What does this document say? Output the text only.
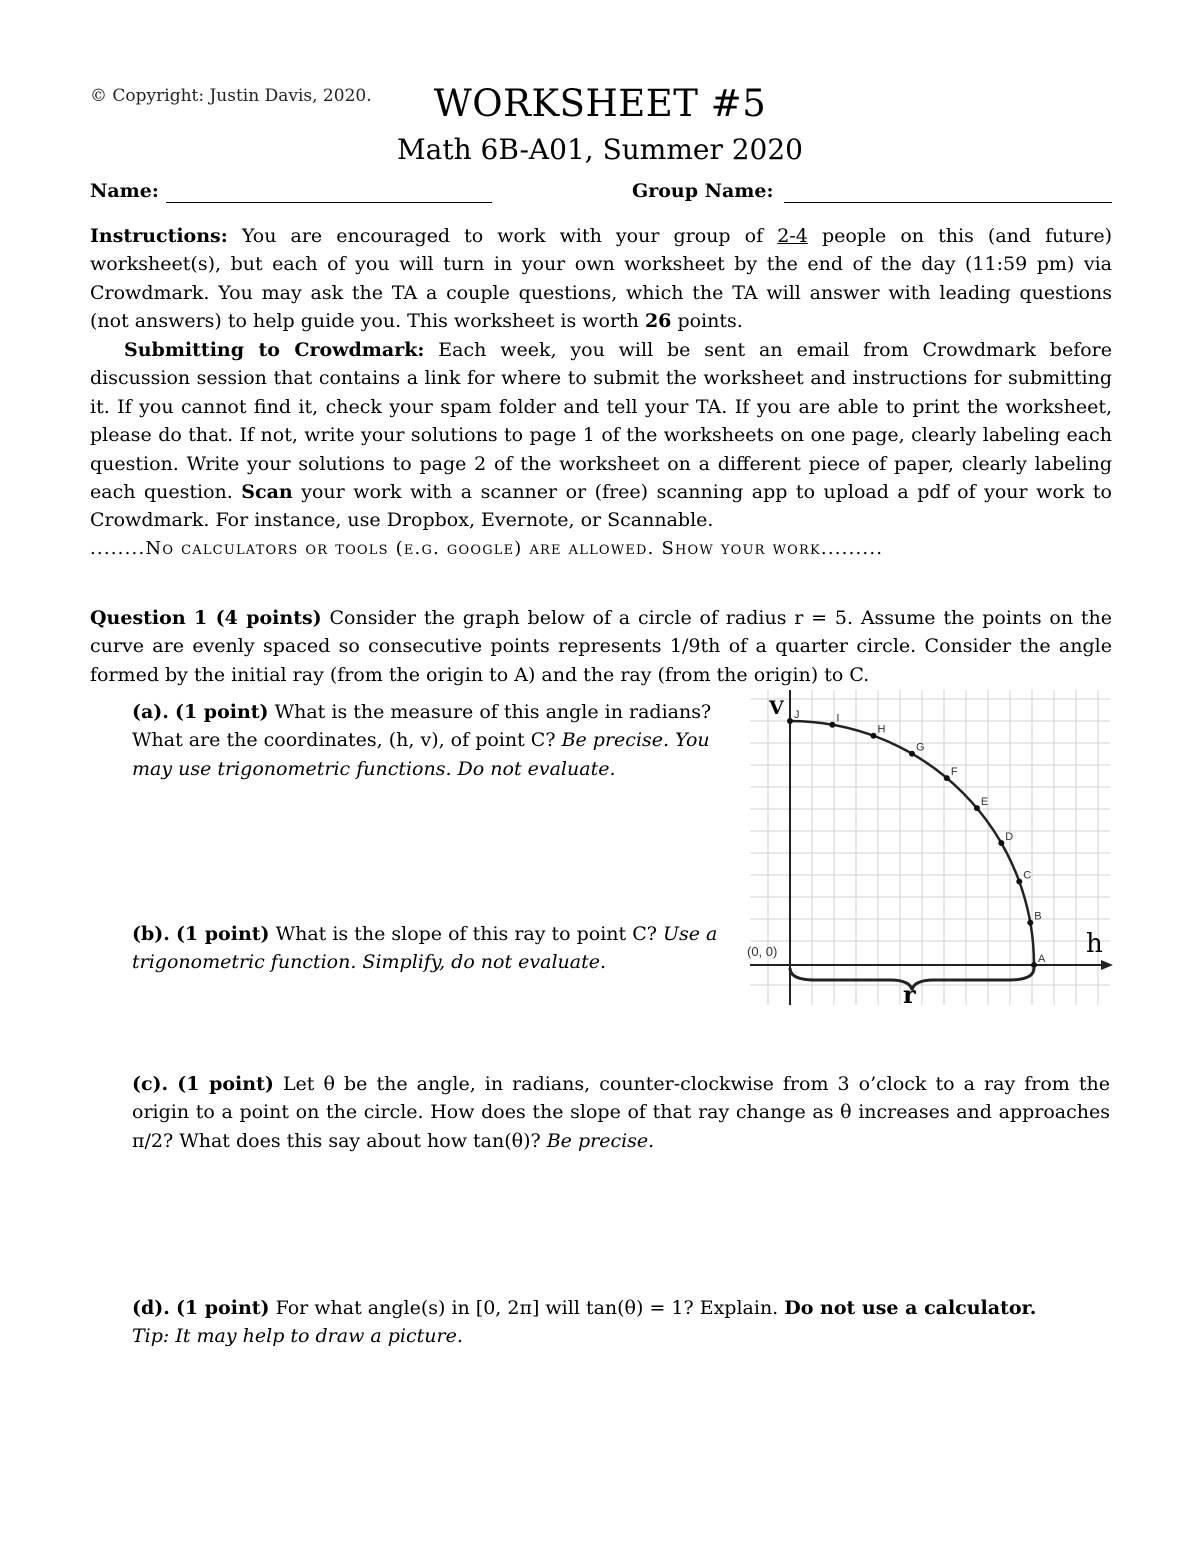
© Copyright: Justin Davis, 2020.	WORKSHEET #5
Math 6B-A01, Summer 2020
Name:	Group Name:
Instructions: You are encouraged to work with your group of 2-4 people on this (and future) worksheet(s), but each of you will turn in your own worksheet by the end of the day (11:59 pm) via Crowdmark. You may ask the TA a couple questions, which the TA will answer with leading questions (not answers) to help guide you. This worksheet is worth 26 points.
Submitting to Crowdmark: Each week, you will be sent an email from Crowdmark before discussion session that contains a link for where to submit the worksheet and instructions for submitting it. If you cannot find it, check your spam folder and tell your TA. If you are able to print the worksheet, please do that. If not, write your solutions to page 1 of the worksheets on one page, clearly labeling each question. Write your solutions to page 2 of the worksheet on a different piece of paper, clearly labeling each question. Scan your work with a scanner or (free) scanning app to upload a pdf of your work to Crowdmark. For instance, use Dropbox, Evernote, or Scannable.
........No calculators or tools (e.g. google) are allowed. Show your work.........
Question 1 (4 points) Consider the graph below of a circle of radius r = 5. Assume the points on the curve are evenly spaced so consecutive points represents 1/9th of a quarter circle. Consider the angle formed by the initial ray (from the origin to A) and the ray (from the origin) to C.
(a). (1 point) What is the measure of this angle in radians? What are the coordinates, (h, v), of point C? Be precise. You may use trigonometric functions. Do not evaluate.
(b). (1 point) What is the slope of this ray to point C? Use a trigonometric function. Simplify, do not evaluate.	A
B
C
D
E
F
G
H
I
J
(0, 0)	h
V
r
(c). (1 point) Let θ be the angle, in radians, counter-clockwise from 3 o’clock to a ray from the origin to a point on the circle. How does the slope of that ray change as θ increases and approaches π/2? What does this say about how tan(θ)? Be precise.
(d). (1 point) For what angle(s) in [0, 2π] will tan(θ) = 1? Explain. Do not use a calculator.
Tip: It may help to draw a picture.
